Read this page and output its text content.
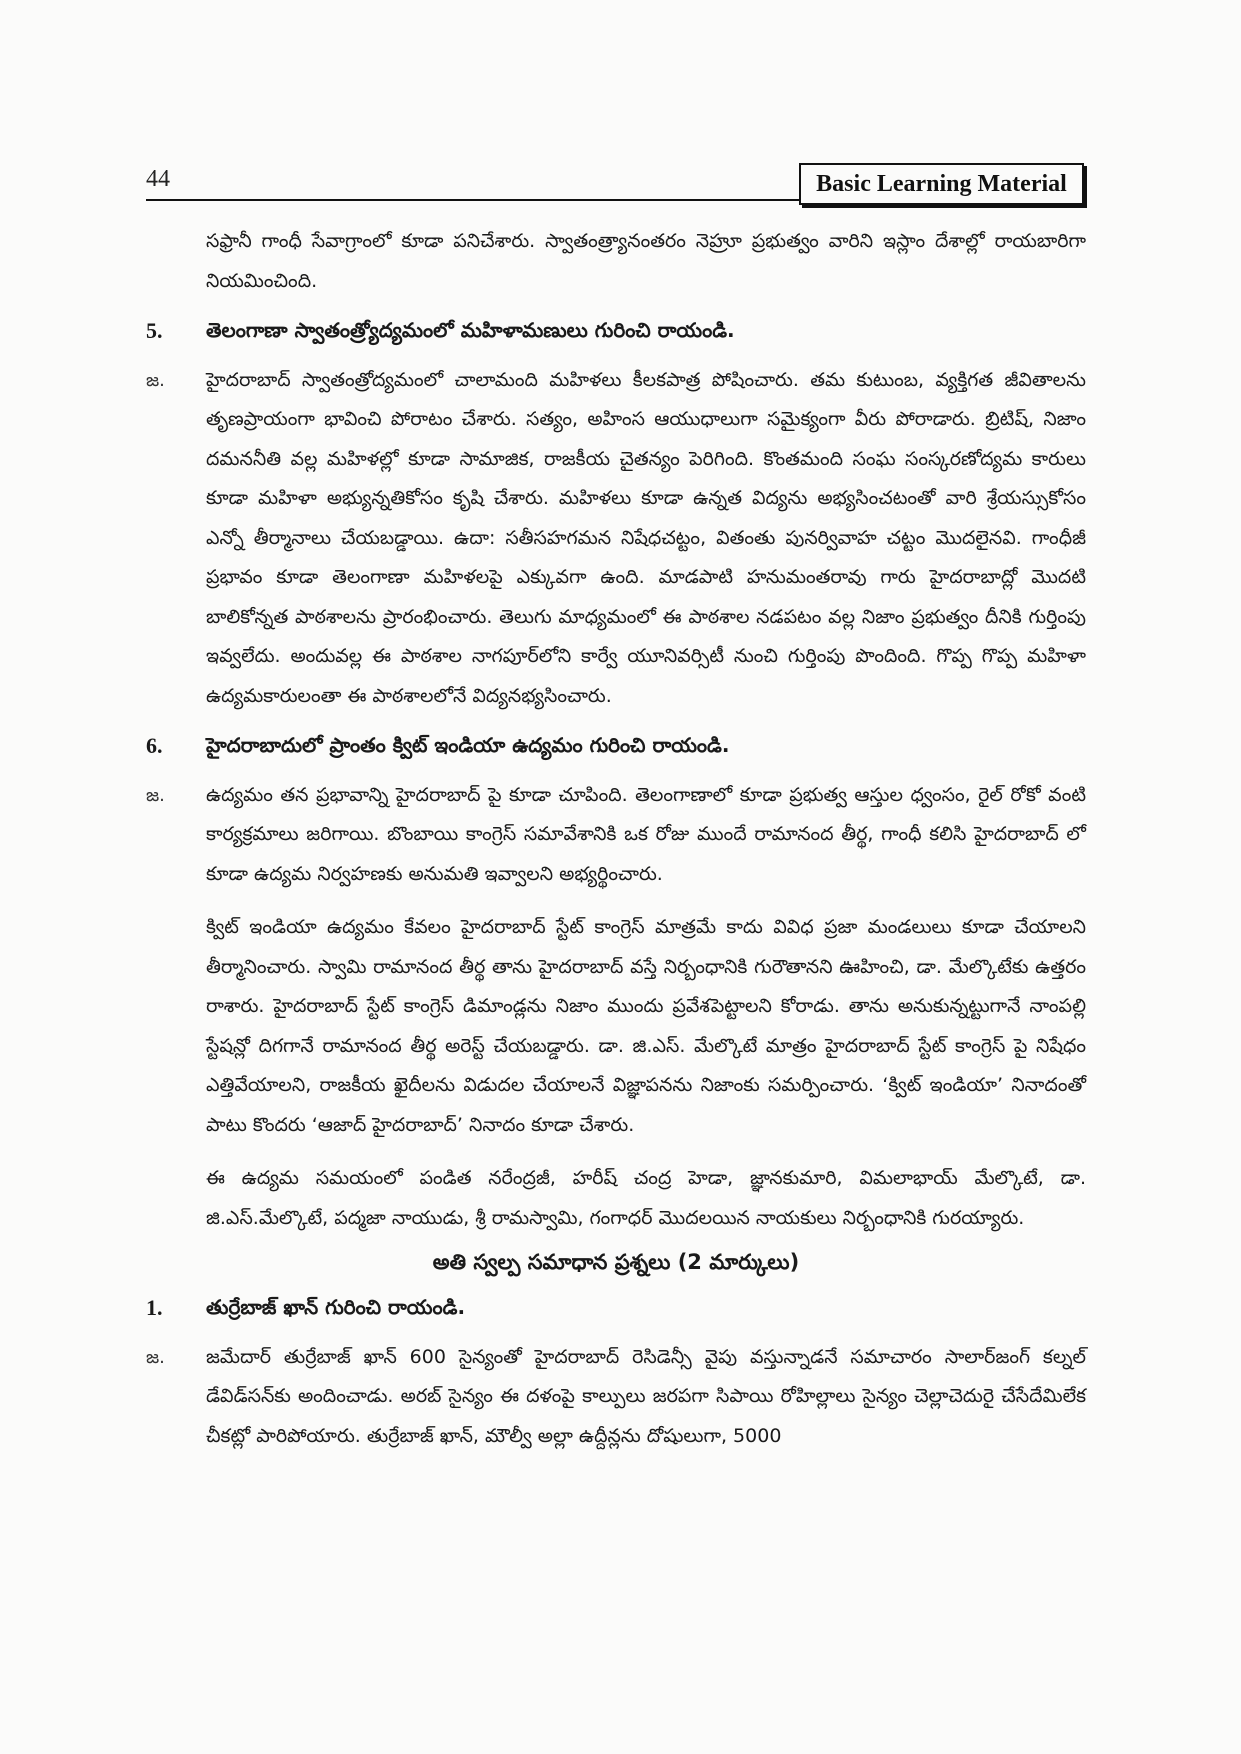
44	Basic Learning Material

సఫ్రానీ గాంధీ సేవాగ్రాంలో కూడా పనిచేశారు. స్వాతంత్ర్యానంతరం నెహ్రూ ప్రభుత్వం వారిని ఇస్లాం దేశాల్లో రాయబారిగా నియమించింది.

5.	తెలంగాణా స్వాతంత్ర్యోద్యమంలో మహిళామణులు గురించి రాయండి.
జ.	హైదరాబాద్ స్వాతంత్రోద్యమంలో చాలామంది మహిళలు కీలకపాత్ర పోషించారు. తమ కుటుంబ, వ్యక్తిగత జీవితాలను తృణప్రాయంగా భావించి పోరాటం చేశారు. సత్యం, అహింస ఆయుధాలుగా సమైక్యంగా వీరు పోరాడారు. బ్రిటిష్, నిజాం దమననీతి వల్ల మహిళల్లో కూడా సామాజిక, రాజకీయ చైతన్యం పెరిగింది. కొంతమంది సంఘ సంస్కరణోద్యమ కారులు కూడా మహిళా అభ్యున్నతికోసం కృషి చేశారు. మహిళలు కూడా ఉన్నత విద్యను అభ్యసించటంతో వారి శ్రేయస్సుకోసం ఎన్నో తీర్మానాలు చేయబడ్డాయి. ఉదా: సతీసహగమన నిషేధచట్టం, వితంతు పునర్వివాహ చట్టం మొదలైనవి. గాంధీజీ ప్రభావం కూడా తెలంగాణా మహిళలపై ఎక్కువగా ఉంది. మాడపాటి హనుమంతరావు గారు హైదరాబాద్లో మొదటి బాలికోన్నత పాఠశాలను ప్రారంభించారు. తెలుగు మాధ్యమంలో ఈ పాఠశాల నడపటం వల్ల నిజాం ప్రభుత్వం దీనికి గుర్తింపు ఇవ్వలేదు. అందువల్ల ఈ పాఠశాల నాగపూర్‌లోని కార్వే యూనివర్సిటీ నుంచి గుర్తింపు పొందింది. గొప్ప గొప్ప మహిళా ఉద్యమకారులంతా ఈ పాఠశాలలోనే విద్యనభ్యసించారు.

6.	హైదరాబాదులో ప్రాంతం క్విట్ ఇండియా ఉద్యమం గురించి రాయండి.
జ.	ఉద్యమం తన ప్రభావాన్ని హైదరాబాద్ పై కూడా చూపింది. తెలంగాణాలో కూడా ప్రభుత్వ ఆస్తుల ధ్వంసం, రైల్ రోకో వంటి కార్యక్రమాలు జరిగాయి. బొంబాయి కాంగ్రెస్ సమావేశానికి ఒక రోజు ముందే రామానంద తీర్థ, గాంధీ కలిసి హైదరాబాద్ లో కూడా ఉద్యమ నిర్వహణకు అనుమతి ఇవ్వాలని అభ్యర్థించారు.

క్విట్ ఇండియా ఉద్యమం కేవలం హైదరాబాద్ స్టేట్ కాంగ్రెస్ మాత్రమే కాదు వివిధ ప్రజా మండలులు కూడా చేయాలని తీర్మానించారు. స్వామి రామానంద తీర్థ తాను హైదరాబాద్ వస్తే నిర్బంధానికి గురౌతానని ఊహించి, డా. మేల్కొటేకు ఉత్తరం రాశారు. హైదరాబాద్ స్టేట్ కాంగ్రెస్ డిమాండ్లను నిజాం ముందు ప్రవేశపెట్టాలని కోరాడు. తాను అనుకున్నట్టుగానే నాంపల్లి స్టేషన్లో దిగగానే రామానంద తీర్థ అరెస్ట్ చేయబడ్డారు. డా. జి.ఎస్. మేల్కొటే మాత్రం హైదరాబాద్ స్టేట్ కాంగ్రెస్ పై నిషేధం ఎత్తివేయాలని, రాజకీయ ఖైదీలను విడుదల చేయాలనే విజ్ఞాపనను నిజాంకు సమర్పించారు. ‘క్విట్ ఇండియా’ నినాదంతో పాటు కొందరు ‘ఆజాద్ హైదరాబాద్’ నినాదం కూడా చేశారు.

ఈ ఉద్యమ సమయంలో పండిత నరేంద్రజీ, హరీష్ చంద్ర హెడా, జ్ఞానకుమారి, విమలాభాయ్ మేల్కొటే, డా. జి.ఎస్.మేల్కొటే, పద్మజా నాయుడు, శ్రీ రామస్వామి, గంగాధర్ మొదలయిన నాయకులు నిర్బంధానికి గురయ్యారు.

అతి స్వల్ప సమాధాన ప్రశ్నలు (2 మార్కులు)
1.	తుర్రేబాజ్ ఖాన్ గురించి రాయండి.
జ.	జమేదార్ తుర్రేబాజ్ ఖాన్ 600 సైన్యంతో హైదరాబాద్ రెసిడెన్సీ వైపు వస్తున్నాడనే సమాచారం సాలార్‌జంగ్ కల్నల్ డేవిడ్‌సన్‌కు అందించాడు. అరబ్ సైన్యం ఈ దళంపై కాల్పులు జరపగా సిపాయి రోహిల్లాలు సైన్యం చెల్లాచెదురై చేసేదేమిలేక చీకట్లో పారిపోయారు. తుర్రేబాజ్ ఖాన్, మౌల్వీ అల్లా ఉద్దీన్లను దోషులుగా, 5000
